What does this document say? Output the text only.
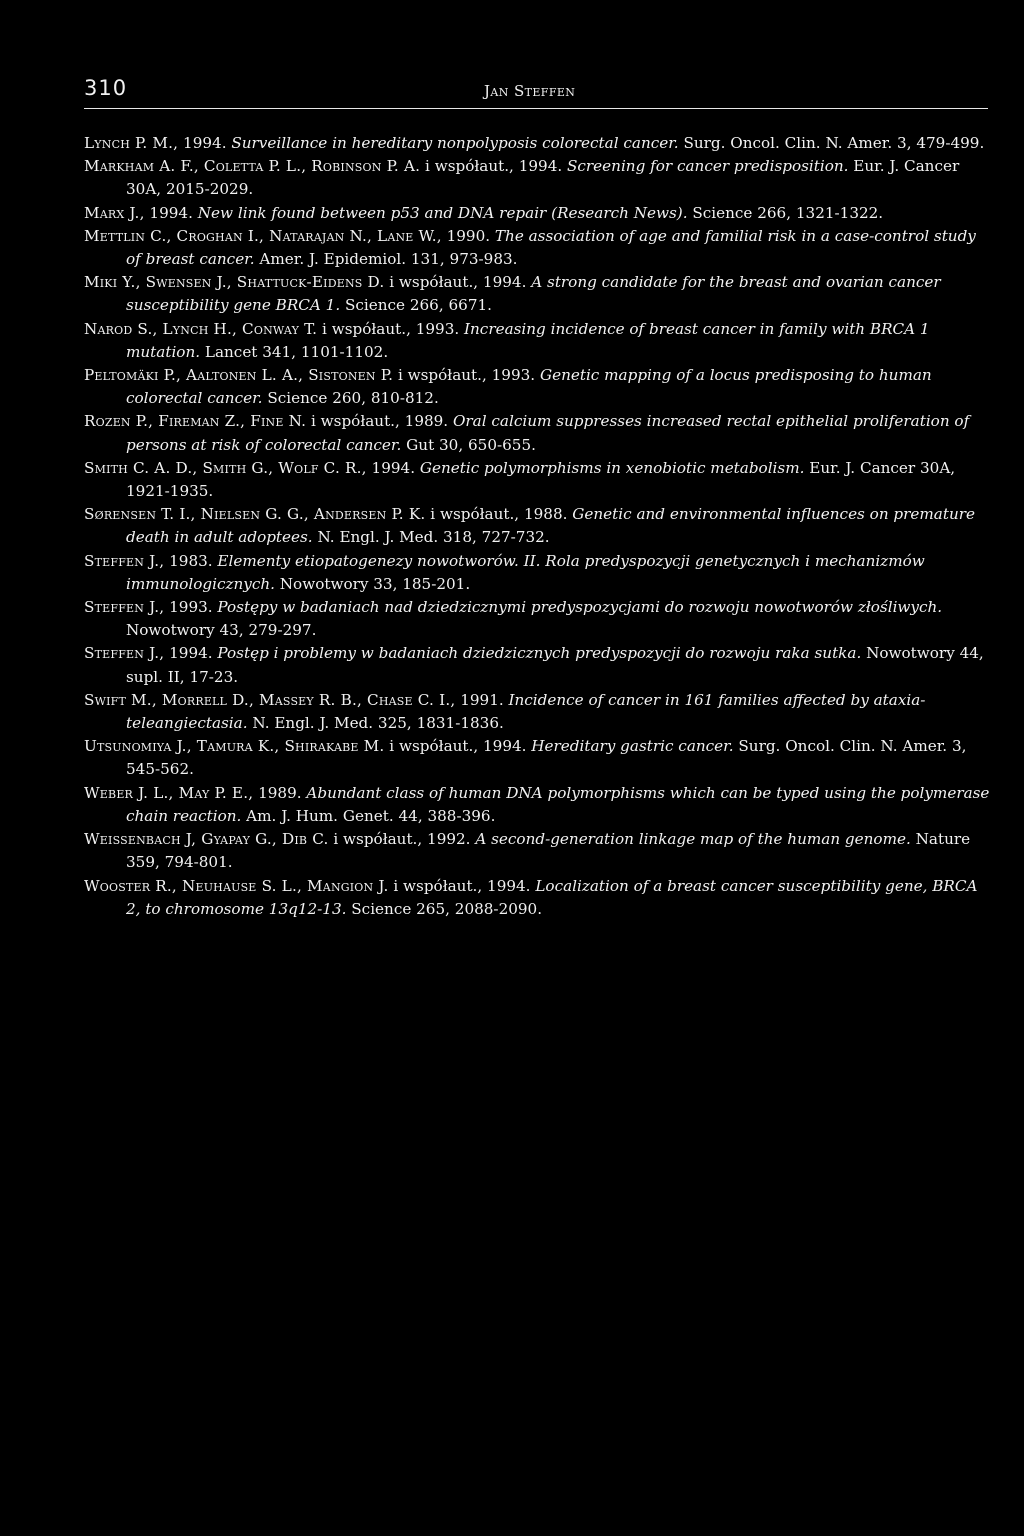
310	Jan Steffen

Lynch P. M., 1994. Surveillance in hereditary nonpolyposis colorectal cancer. Surg. Oncol. Clin. N. Amer. 3, 479-499.

Markham A. F., Coletta P. L., Robinson P. A. i współaut., 1994. Screening for cancer predisposition. Eur. J. Cancer 30A, 2015-2029.

Marx J., 1994. New link found between p53 and DNA repair (Research News). Science 266, 1321-1322.

Mettlin C., Croghan I., Natarajan N., Lane W., 1990. The association of age and familial risk in a case-control study of breast cancer. Amer. J. Epidemiol. 131, 973-983.

Miki Y., Swensen J., Shattuck-Eidens D. i współaut., 1994. A strong candidate for the breast and ovarian cancer susceptibility gene BRCA 1. Science 266, 6671.

Narod S., Lynch H., Conway T. i współaut., 1993. Increasing incidence of breast cancer in family with BRCA 1 mutation. Lancet 341, 1101-1102.

Peltomäki P., Aaltonen L. A., Sistonen P. i współaut., 1993. Genetic mapping of a locus predisposing to human colorectal cancer. Science 260, 810-812.

Rozen P., Fireman Z., Fine N. i współaut., 1989. Oral calcium suppresses increased rectal epithelial proliferation of persons at risk of colorectal cancer. Gut 30, 650-655.

Smith C. A. D., Smith G., Wolf C. R., 1994. Genetic polymorphisms in xenobiotic metabolism. Eur. J. Cancer 30A, 1921-1935.

Sørensen T. I., Nielsen G. G., Andersen P. K. i współaut., 1988. Genetic and environmental influences on premature death in adult adoptees. N. Engl. J. Med. 318, 727-732.

Steffen J., 1983. Elementy etiopatogenezy nowotworów. II. Rola predyspozycji genetycznych i mechanizmów immunologicznych. Nowotwory 33, 185-201.

Steffen J., 1993. Postępy w badaniach nad dziedzicznymi predyspozycjami do rozwoju nowotworów złośliwych. Nowotwory 43, 279-297.

Steffen J., 1994. Postęp i problemy w badaniach dziedzicznych predyspozycji do rozwoju raka sutka. Nowotwory 44, supl. II, 17-23.

Swift M., Morrell D., Massey R. B., Chase C. I., 1991. Incidence of cancer in 161 families affected by ataxia-teleangiectasia. N. Engl. J. Med. 325, 1831-1836.

Utsunomiya J., Tamura K., Shirakabe M. i współaut., 1994. Hereditary gastric cancer. Surg. Oncol. Clin. N. Amer. 3, 545-562.

Weber J. L., May P. E., 1989. Abundant class of human DNA polymorphisms which can be typed using the polymerase chain reaction. Am. J. Hum. Genet. 44, 388-396.

Weissenbach J, Gyapay G., Dib C. i współaut., 1992. A second-generation linkage map of the human genome. Nature 359, 794-801.

Wooster R., Neuhause S. L., Mangion J. i współaut., 1994. Localization of a breast cancer susceptibility gene, BRCA 2, to chromosome 13q12-13. Science 265, 2088-2090.
